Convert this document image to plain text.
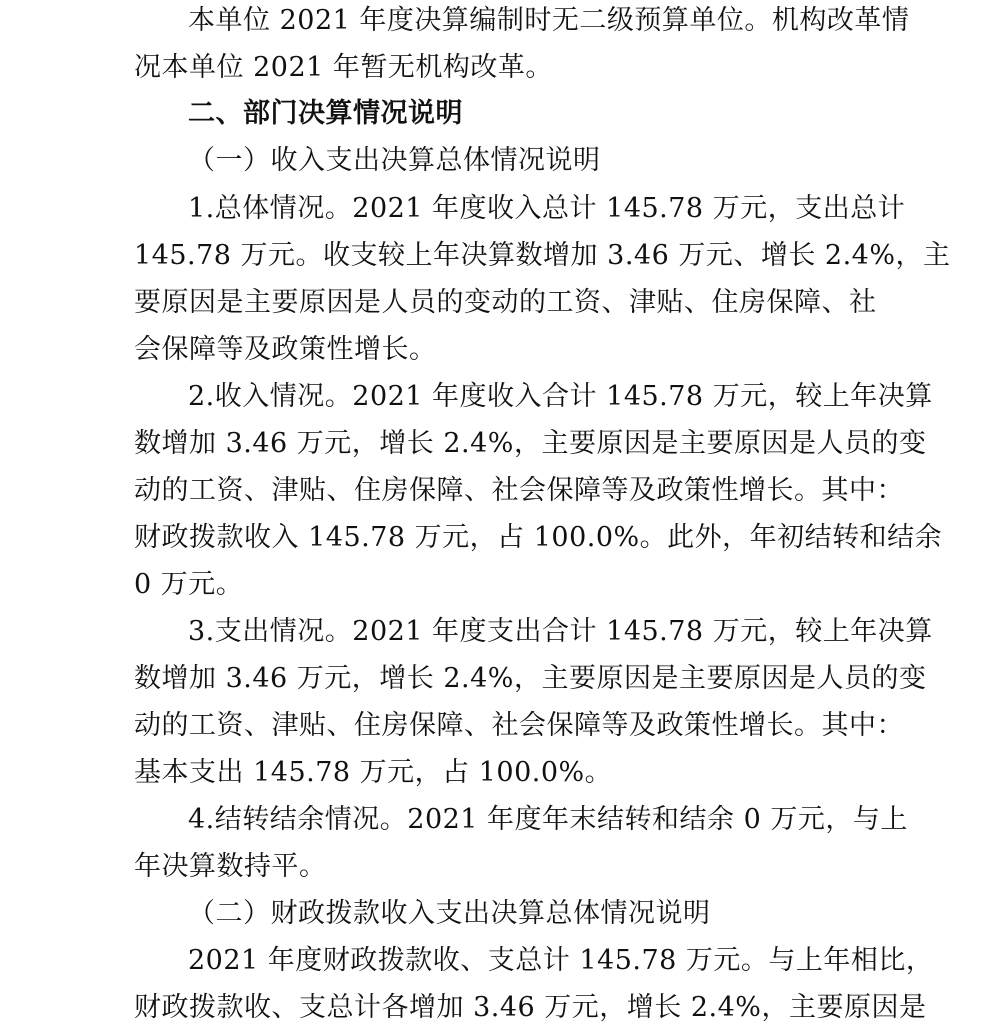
本单位 2021 年度决算编制时无二级预算单位。机构改革情
况本单位 2021 年暂无机构改革。
二、部门决算情况说明
（一）收入支出决算总体情况说明
1.总体情况。2021 年度收入总计 145.78 万元，支出总计
145.78 万元。收支较上年决算数增加 3.46 万元、增长 2.4%，主
要原因是主要原因是人员的变动的工资、津贴、住房保障、社
会保障等及政策性增长。
2.收入情况。2021 年度收入合计 145.78 万元，较上年决算
数增加 3.46 万元，增长 2.4%，主要原因是主要原因是人员的变
动的工资、津贴、住房保障、社会保障等及政策性增长。其中：
财政拨款收入 145.78 万元，占 100.0%。此外，年初结转和结余
0 万元。
3.支出情况。2021 年度支出合计 145.78 万元，较上年决算
数增加 3.46 万元，增长 2.4%，主要原因是主要原因是人员的变
动的工资、津贴、住房保障、社会保障等及政策性增长。其中：
基本支出 145.78 万元，占 100.0%。
4.结转结余情况。2021 年度年末结转和结余 0 万元，与上
年决算数持平。
（二）财政拨款收入支出决算总体情况说明
2021 年度财政拨款收、支总计 145.78 万元。与上年相比，
财政拨款收、支总计各增加 3.46 万元，增长 2.4%，主要原因是
